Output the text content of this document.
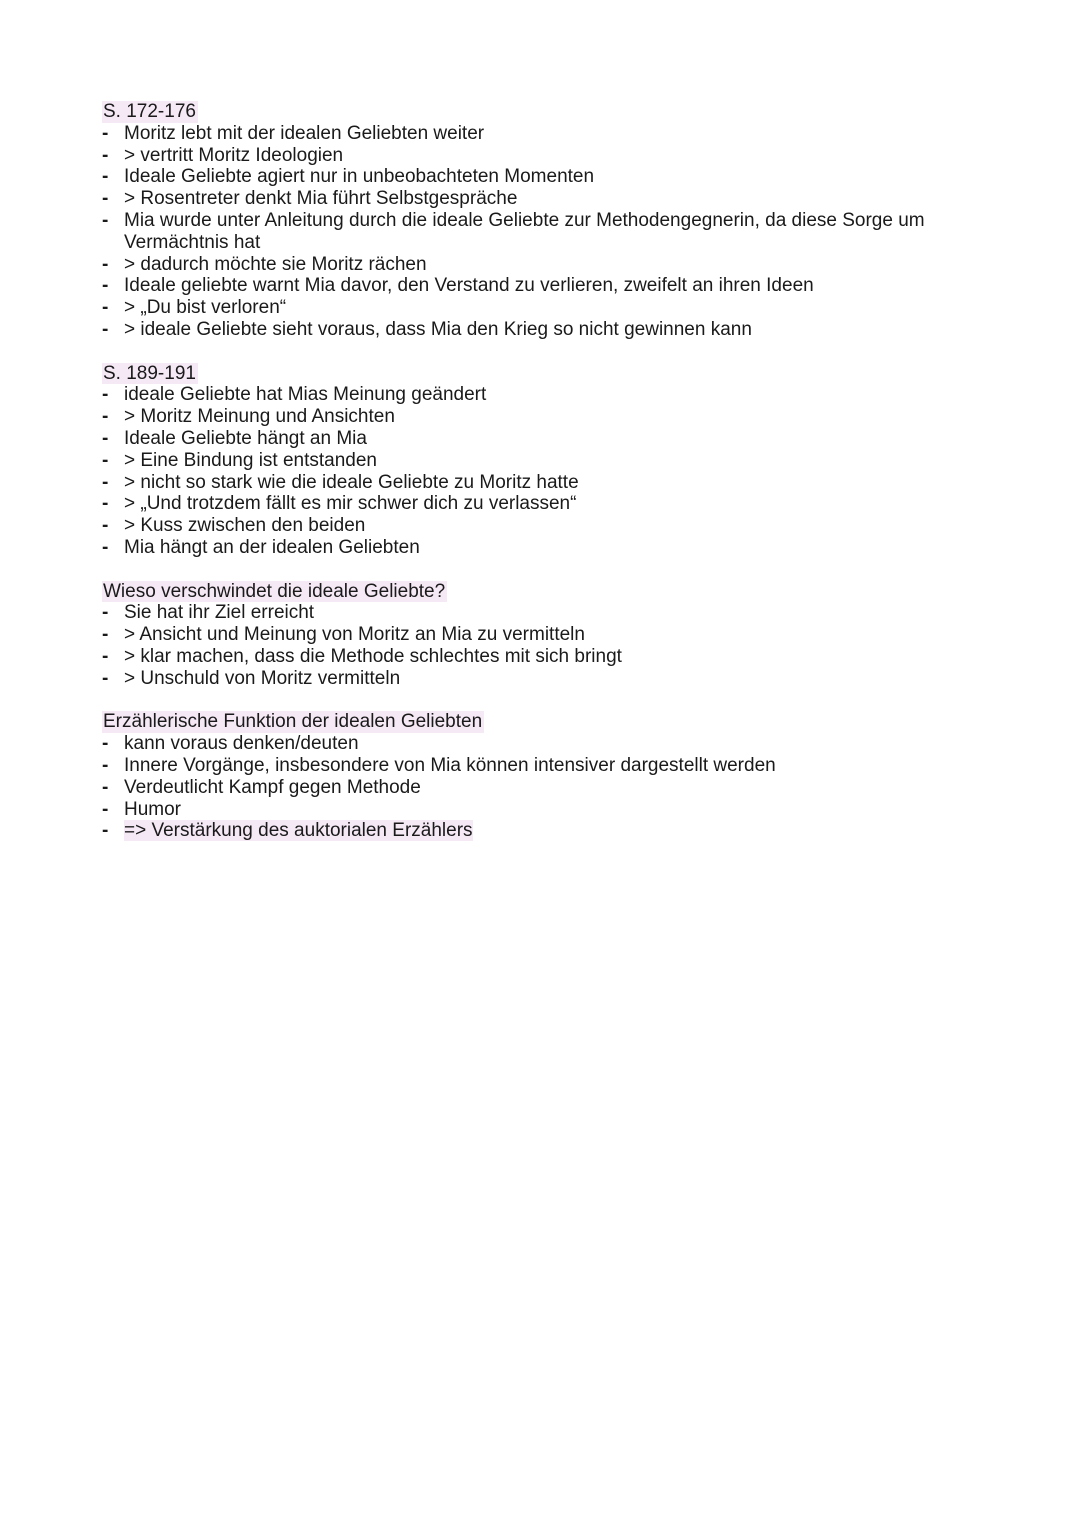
S. 172-176
- Moritz lebt mit der idealen Geliebten weiter
- > vertritt Moritz Ideologien
- Ideale Geliebte agiert nur in unbeobachteten Momenten
- > Rosentreter denkt Mia führt Selbstgespräche
- Mia wurde unter Anleitung durch die ideale Geliebte zur Methodengegnerin, da diese Sorge um Vermächtnis hat
- > dadurch möchte sie Moritz rächen
- Ideale geliebte warnt Mia davor, den Verstand zu verlieren, zweifelt an ihren Ideen
- > „Du bist verloren“
- > ideale Geliebte sieht voraus, dass Mia den Krieg so nicht gewinnen kann
S. 189-191
- ideale Geliebte hat Mias Meinung geändert
- > Moritz Meinung und Ansichten
- Ideale Geliebte hängt an Mia
- > Eine Bindung ist entstanden
- > nicht so stark wie die ideale Geliebte zu Moritz hatte
- > „Und trotzdem fällt es mir schwer dich zu verlassen“
- > Kuss zwischen den beiden
- Mia hängt an der idealen Geliebten
Wieso verschwindet die ideale Geliebte?
- Sie hat ihr Ziel erreicht
- > Ansicht und Meinung von Moritz an Mia zu vermitteln
- > klar machen, dass die Methode schlechtes mit sich bringt
- > Unschuld von Moritz vermitteln
Erzählerische Funktion der idealen Geliebten
- kann voraus denken/deuten
- Innere Vorgänge, insbesondere von Mia können intensiver dargestellt werden
- Verdeutlicht Kampf gegen Methode
- Humor
- => Verstärkung des auktorialen Erzählers
